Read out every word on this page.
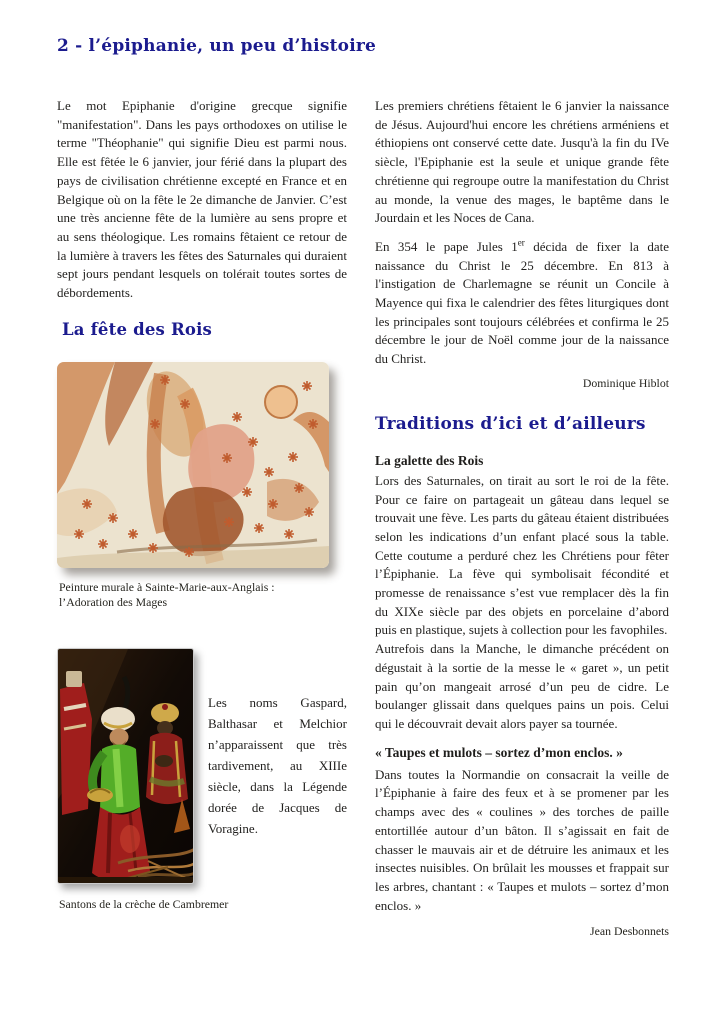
2 - l’épiphanie, un peu d’histoire

Le mot Epiphanie d'origine grecque signifie "manifestation". Dans les pays orthodoxes on utilise le terme "Théophanie" qui signifie Dieu est parmi nous. Elle est fêtée le 6 janvier, jour férié dans la plupart des pays de civilisation chrétienne excepté en France et en Belgique où on la fête le 2e dimanche de Janvier. C’est une très ancienne fête de la lumière au sens propre et au sens théologique. Les romains fêtaient ce retour de la lumière à travers les fêtes des Saturnales qui duraient sept jours pendant lesquels on tolérait toutes sortes de débordements.

La fête des Rois
Peinture murale à Sainte-Marie-aux-Anglais :
l’Adoration des Mages

Les noms Gaspard, Balthasar et Melchior n’apparaissent que très tardivement, au XIIIe siècle, dans la Légende dorée de Jacques de Voragine.

Santons de la crèche de Cambremer

Les premiers chrétiens fêtaient le 6 janvier la naissance de Jésus. Aujourd'hui encore les chrétiens arméniens et éthiopiens ont conservé cette date. Jusqu'à la fin du IVe siècle, l'Epiphanie est la seule et unique grande fête chrétienne qui regroupe outre la manifestation du Christ au monde, la venue des mages, le baptême dans le Jourdain et les Noces de Cana.

En 354 le pape Jules 1er décida de fixer la date naissance du Christ le 25 décembre. En 813 à l'instigation de Charlemagne se réunit un Concile à Mayence qui fixa le calendrier des fêtes liturgiques dont les principales sont toujours célébrées et confirma le 25 décembre le jour de Noël comme jour de la naissance du Christ.

Dominique Hiblot

Traditions d’ici et d’ailleurs
La galette des Rois

Lors des Saturnales, on tirait au sort le roi de la fête. Pour ce faire on partageait un gâteau dans lequel se trouvait une fève. Les parts du gâteau étaient distribuées selon les indications d’un enfant placé sous la table. Cette coutume a perduré chez les Chrétiens pour fêter l’Épiphanie. La fève qui symbolisait fécondité et promesse de renaissance s’est vue remplacer dès la fin du XIXe siècle par des objets en porcelaine d’abord puis en plastique, sujets à collection pour les favophiles.

Autrefois dans la Manche, le dimanche précédent on dégustait à la sortie de la messe le « garet », un petit pain qu’on mangeait arrosé d’un peu de cidre. Le boulanger glissait dans quelques pains un pois. Celui qui le découvrait devait alors payer sa tournée.

« Taupes et mulots – sortez d’mon enclos. »

Dans toutes la Normandie on consacrait la veille de l’Épiphanie à faire des feux et à se promener par les champs avec des « coulines » des torches de paille entortillée autour d’un bâton. Il s’agissait en fait de chasser le mauvais air et de détruire les animaux et les insectes nuisibles. On brûlait les mousses et frappait sur les arbres, chantant : « Taupes et mulots – sortez d’mon enclos. »

Jean Desbonnets
